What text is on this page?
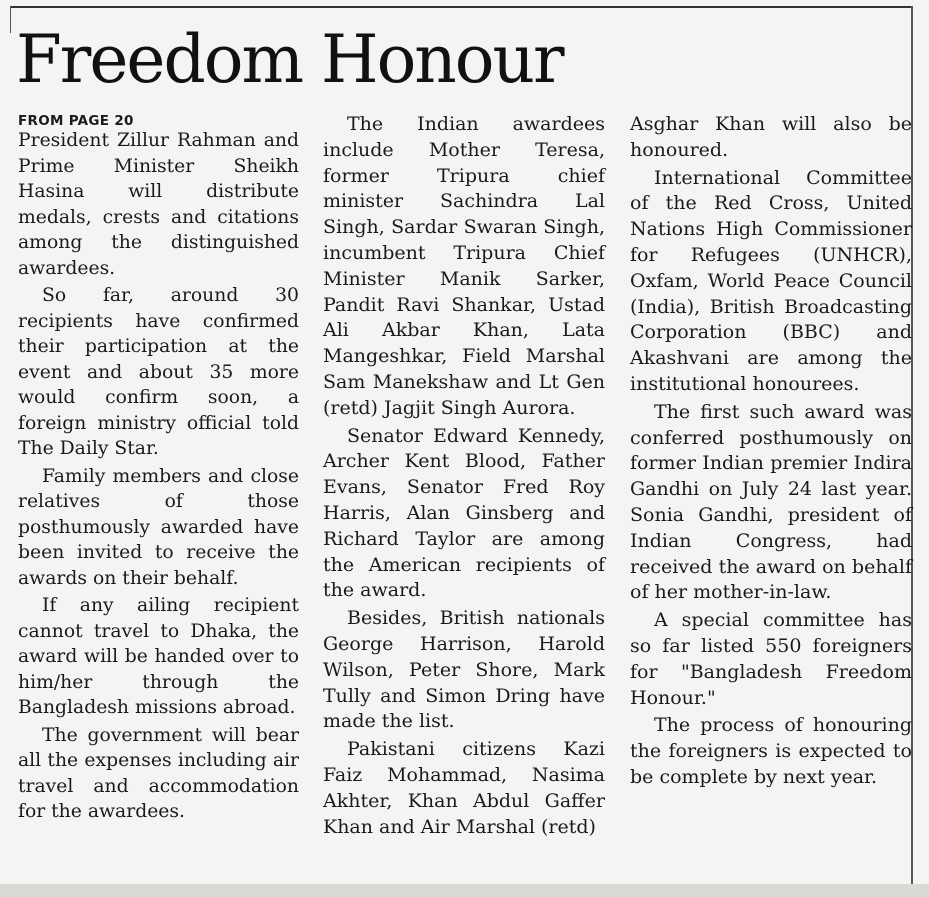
Freedom Honour
FROM PAGE 20

President Zillur Rahman and Prime Minister Sheikh Hasina will distribute medals, crests and citations among the distinguished awardees.

So far, around 30 recipients have confirmed their participation at the event and about 35 more would confirm soon, a foreign ministry official told The Daily Star.

Family members and close relatives of those posthumously awarded have been invited to receive the awards on their behalf.

If any ailing recipient cannot travel to Dhaka, the award will be handed over to him/her through the Bangladesh missions abroad.

The government will bear all the expenses including air travel and accommodation for the awardees.

The Indian awardees include Mother Teresa, former Tripura chief minister Sachindra Lal Singh, Sardar Swaran Singh, incumbent Tripura Chief Minister Manik Sarker, Pandit Ravi Shankar, Ustad Ali Akbar Khan, Lata Mangeshkar, Field Marshal Sam Manekshaw and Lt Gen (retd) Jagjit Singh Aurora.

Senator Edward Kennedy, Archer Kent Blood, Father Evans, Senator Fred Roy Harris, Alan Ginsberg and Richard Taylor are among the American recipients of the award.

Besides, British nationals George Harrison, Harold Wilson, Peter Shore, Mark Tully and Simon Dring have made the list.

Pakistani citizens Kazi Faiz Mohammad, Nasima Akhter, Khan Abdul Gaffer Khan and Air Marshal (retd)

Asghar Khan will also be honoured.

International Committee of the Red Cross, United Nations High Commissioner for Refugees (UNHCR), Oxfam, World Peace Council (India), British Broadcasting Corporation (BBC) and Akashvani are among the institutional honourees.

The first such award was conferred posthumously on former Indian premier Indira Gandhi on July 24 last year. Sonia Gandhi, president of Indian Congress, had received the award on behalf of her mother-in-law.

A special committee has so far listed 550 foreigners for "Bangladesh Freedom Honour."

The process of honouring the foreigners is expected to be complete by next year.
